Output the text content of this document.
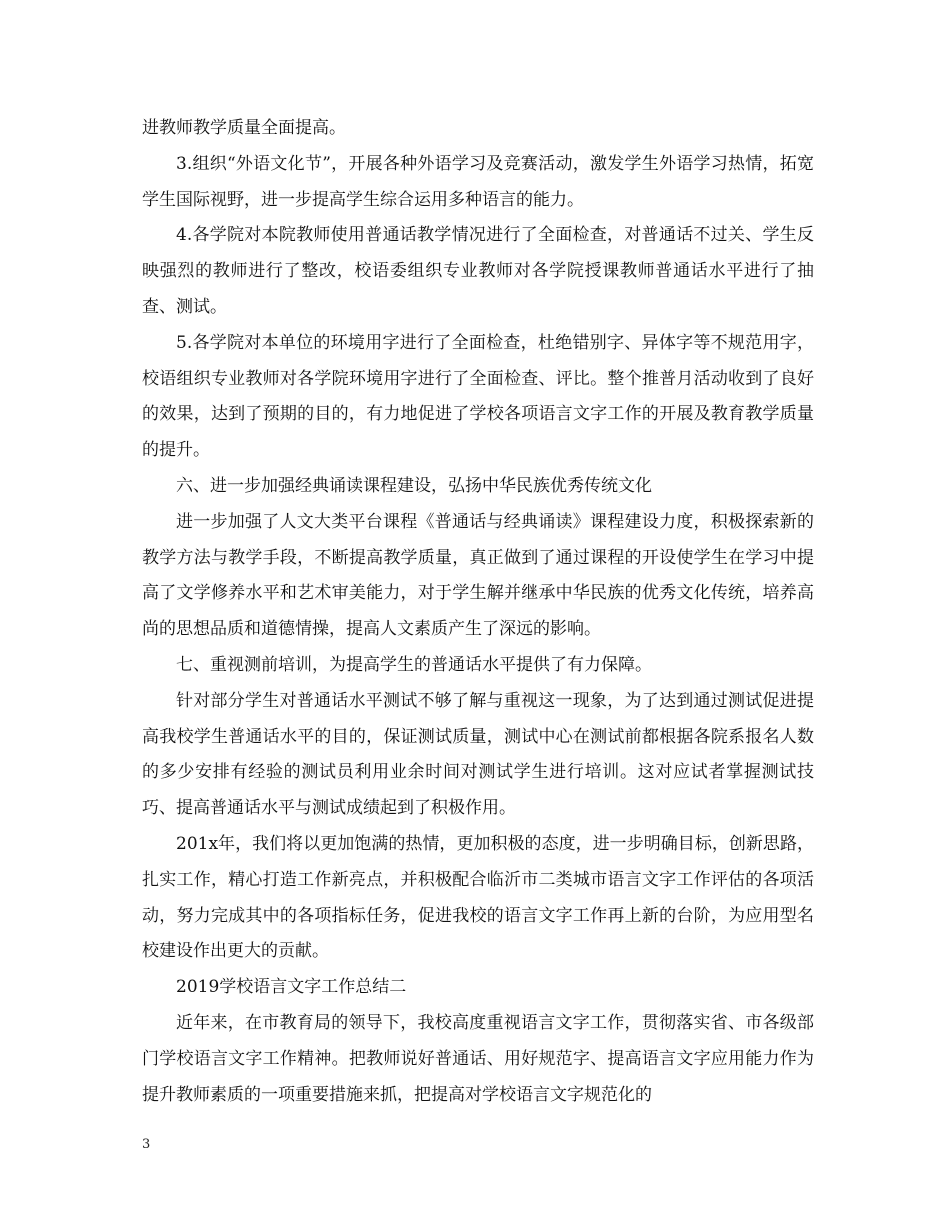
进教师教学质量全面提高。

3.组织“外语文化节”，开展各种外语学习及竞赛活动，激发学生外语学习热情，拓宽学生国际视野，进一步提高学生综合运用多种语言的能力。

4.各学院对本院教师使用普通话教学情况进行了全面检查，对普通话不过关、学生反映强烈的教师进行了整改，校语委组织专业教师对各学院授课教师普通话水平进行了抽查、测试。

5.各学院对本单位的环境用字进行了全面检查，杜绝错别字、异体字等不规范用字，校语组织专业教师对各学院环境用字进行了全面检查、评比。整个推普月活动收到了良好的效果，达到了预期的目的，有力地促进了学校各项语言文字工作的开展及教育教学质量的提升。

六、进一步加强经典诵读课程建设，弘扬中华民族优秀传统文化

进一步加强了人文大类平台课程《普通话与经典诵读》课程建设力度，积极探索新的教学方法与教学手段，不断提高教学质量，真正做到了通过课程的开设使学生在学习中提高了文学修养水平和艺术审美能力，对于学生解并继承中华民族的优秀文化传统，培养高尚的思想品质和道德情操，提高人文素质产生了深远的影响。

七、重视测前培训，为提高学生的普通话水平提供了有力保障。

针对部分学生对普通话水平测试不够了解与重视这一现象，为了达到通过测试促进提高我校学生普通话水平的目的，保证测试质量，测试中心在测试前都根据各院系报名人数的多少安排有经验的测试员利用业余时间对测试学生进行培训。这对应试者掌握测试技巧、提高普通话水平与测试成绩起到了积极作用。

201x年，我们将以更加饱满的热情，更加积极的态度，进一步明确目标，创新思路，扎实工作，精心打造工作新亮点，并积极配合临沂市二类城市语言文字工作评估的各项活动，努力完成其中的各项指标任务，促进我校的语言文字工作再上新的台阶，为应用型名校建设作出更大的贡献。

2019学校语言文字工作总结二

近年来，在市教育局的领导下，我校高度重视语言文字工作，贯彻落实省、市各级部门学校语言文字工作精神。把教师说好普通话、用好规范字、提高语言文字应用能力作为提升教师素质的一项重要措施来抓，把提高对学校语言文字规范化的

3
